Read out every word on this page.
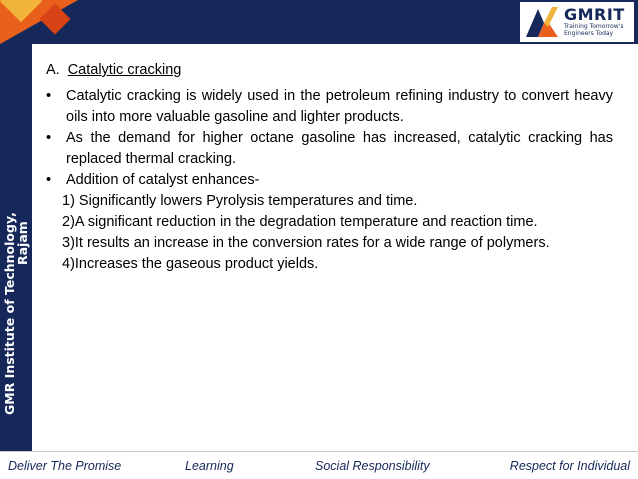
GMRIT
Training Tomorrow's
Engineers Today
GMR Institute of Technology,
Rajam
A. Catalytic cracking
• Catalytic cracking is widely used in the petroleum refining industry to convert heavy oils into more valuable gasoline and lighter products.
• As the demand for higher octane gasoline has increased, catalytic cracking has replaced thermal cracking.
• Addition of catalyst enhances-
1) Significantly lowers Pyrolysis temperatures and time.
2)A significant reduction in the degradation temperature and reaction time.
3)It results an increase in the conversion rates for a wide range of polymers.
4)Increases the gaseous product yields.
Deliver The Promise	Learning	Social Responsibility	Respect for Individual
